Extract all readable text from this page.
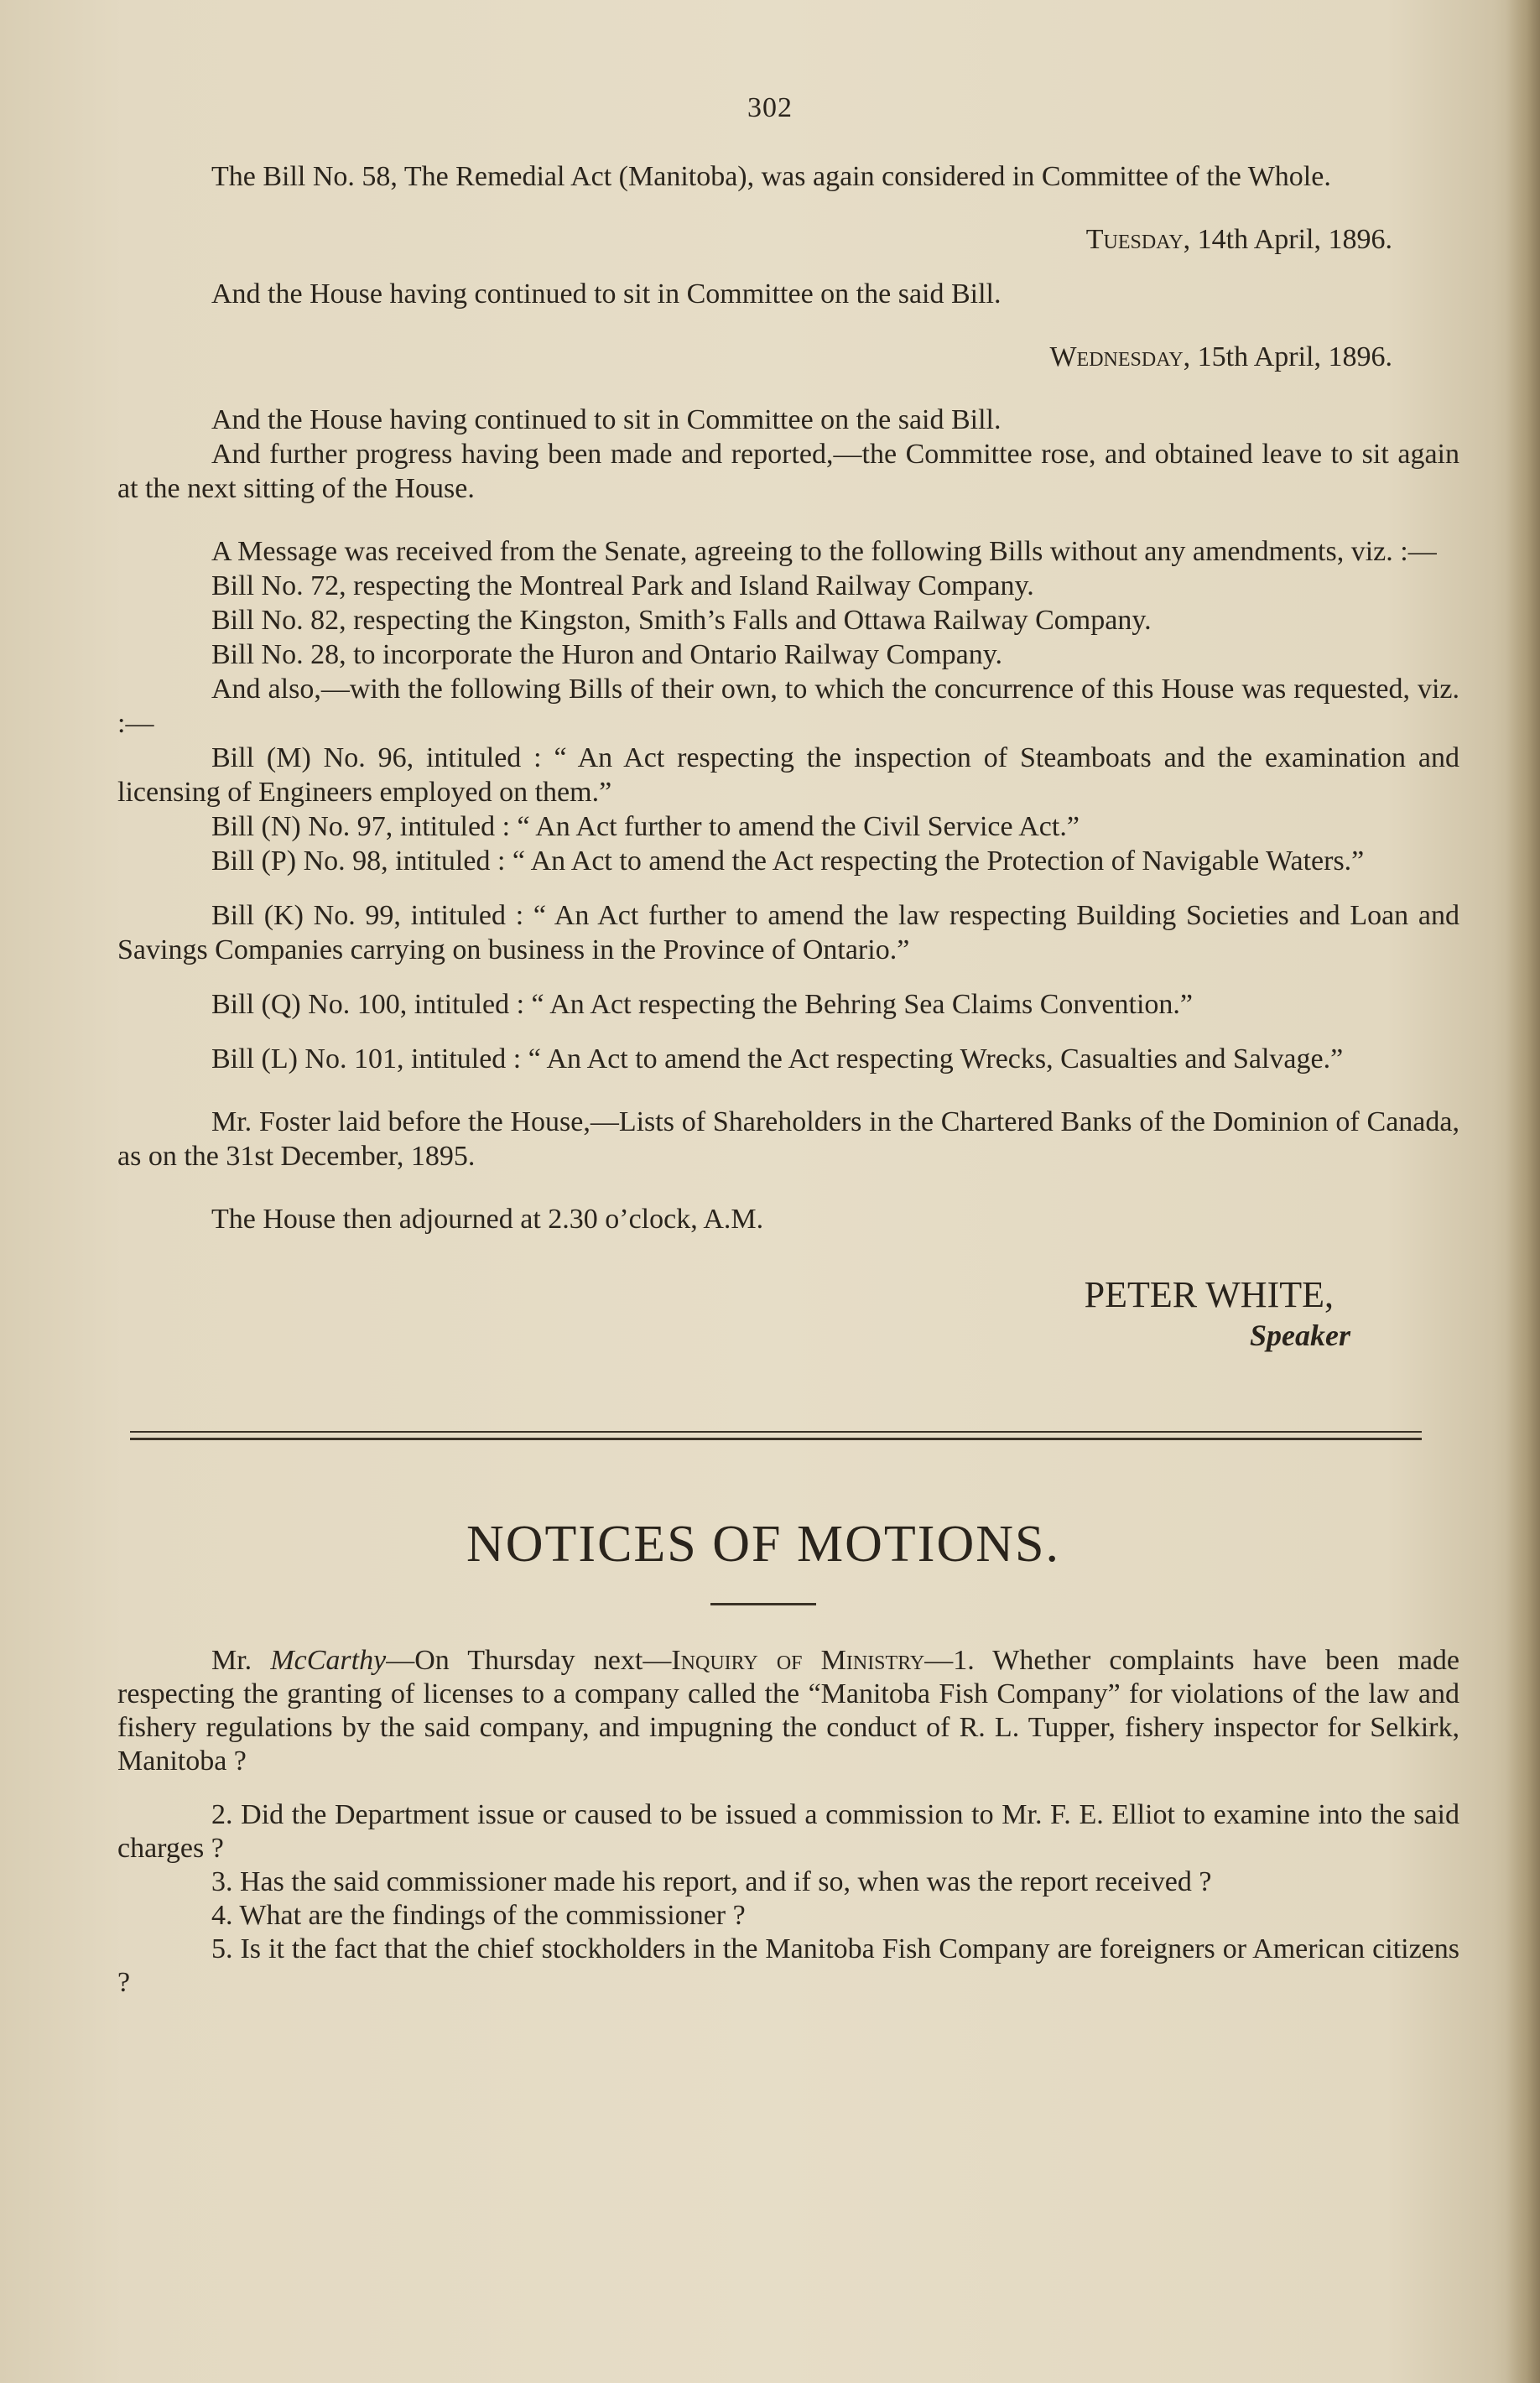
302

The Bill No. 58, The Remedial Act (Manitoba), was again considered in Committee of the Whole.

Tuesday, 14th April, 1896.

And the House having continued to sit in Committee on the said Bill.

Wednesday, 15th April, 1896.

And the House having continued to sit in Committee on the said Bill.

And further progress having been made and reported,—the Committee rose, and obtained leave to sit again at the next sitting of the House.

A Message was received from the Senate, agreeing to the following Bills without any amendments, viz. :—

Bill No. 72, respecting the Montreal Park and Island Railway Company.

Bill No. 82, respecting the Kingston, Smith’s Falls and Ottawa Railway Company.

Bill No. 28, to incorporate the Huron and Ontario Railway Company.

And also,—with the following Bills of their own, to which the concurrence of this House was requested, viz. :—

Bill (M) No. 96, intituled : “ An Act respecting the inspection of Steamboats and the examination and licensing of Engineers employed on them.”

Bill (N) No. 97, intituled : “ An Act further to amend the Civil Service Act.”

Bill (P) No. 98, intituled : “ An Act to amend the Act respecting the Protection of Navigable Waters.”

Bill (K) No. 99, intituled : “ An Act further to amend the law respecting Building Societies and Loan and Savings Companies carrying on business in the Province of Ontario.”

Bill (Q) No. 100, intituled : “ An Act respecting the Behring Sea Claims Convention.”

Bill (L) No. 101, intituled : “ An Act to amend the Act respecting Wrecks, Casualties and Salvage.”

Mr. Foster laid before the House,—Lists of Shareholders in the Chartered Banks of the Dominion of Canada, as on the 31st December, 1895.

The House then adjourned at 2.30 o’clock, A.M.

PETER WHITE,

Speaker

NOTICES OF MOTIONS.

Mr. McCarthy—On Thursday next—Inquiry of Ministry—1. Whether complaints have been made respecting the granting of licenses to a company called the “Manitoba Fish Company” for violations of the law and fishery regulations by the said company, and impugning the conduct of R. L. Tupper, fishery inspector for Selkirk, Manitoba ?

2. Did the Department issue or caused to be issued a commission to Mr. F. E. Elliot to examine into the said charges ?

3. Has the said commissioner made his report, and if so, when was the report received ?

4. What are the findings of the commissioner ?

5. Is it the fact that the chief stockholders in the Manitoba Fish Company are foreigners or American citizens ?
